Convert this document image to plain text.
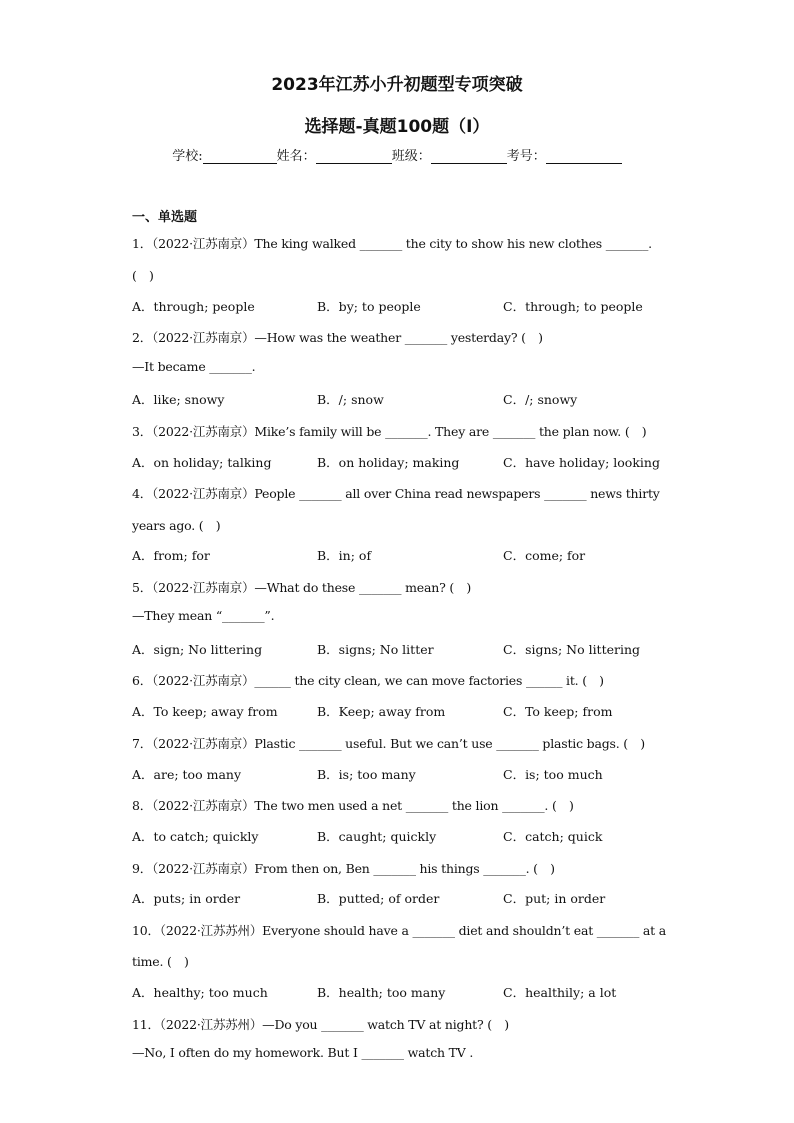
2023年江苏小升初题型专项突破
选择题-真题100题（Ⅰ）
学校:	姓名：	班级：	考号：
一、单选题
1．（2022·江苏南京）The king walked _______ the city to show his new clothes _______.
(　)
A．through; people	B．by; to people	C．through; to people
2．（2022·江苏南京）—How was the weather _______ yesterday? (　)
—It became _______.
A．like; snowy	B．/; snow	C．/; snowy
3．（2022·江苏南京）Mike’s family will be _______. They are _______ the plan now. (　)
A．on holiday; talking	B．on holiday; making	C．have holiday; looking
4．（2022·江苏南京）People _______ all over China read newspapers _______ news thirty
years ago. (　)
A．from; for	B．in; of	C．come; for
5．（2022·江苏南京）—What do these _______ mean? (　)
—They mean “_______”.
A．sign; No littering	B．signs; No litter	C．signs; No littering
6．（2022·江苏南京）______ the city clean, we can move factories ______ it. (　)
A．To keep; away from	B．Keep; away from	C．To keep; from
7．（2022·江苏南京）Plastic _______ useful. But we can’t use _______ plastic bags. (　)
A．are; too many	B．is; too many	C．is; too much
8．（2022·江苏南京）The two men used a net _______ the lion _______. (　)
A．to catch; quickly	B．caught; quickly	C．catch; quick
9．（2022·江苏南京）From then on, Ben _______ his things _______. (　)
A．puts; in order	B．putted; of order	C．put; in order
10．（2022·江苏苏州）Everyone should have a _______ diet and shouldn’t eat _______ at a
time. (　)
A．healthy; too much	B．health; too many	C．healthily; a lot
11．（2022·江苏苏州）—Do you _______ watch TV at night? (　)
—No, I often do my homework. But I _______ watch TV .
